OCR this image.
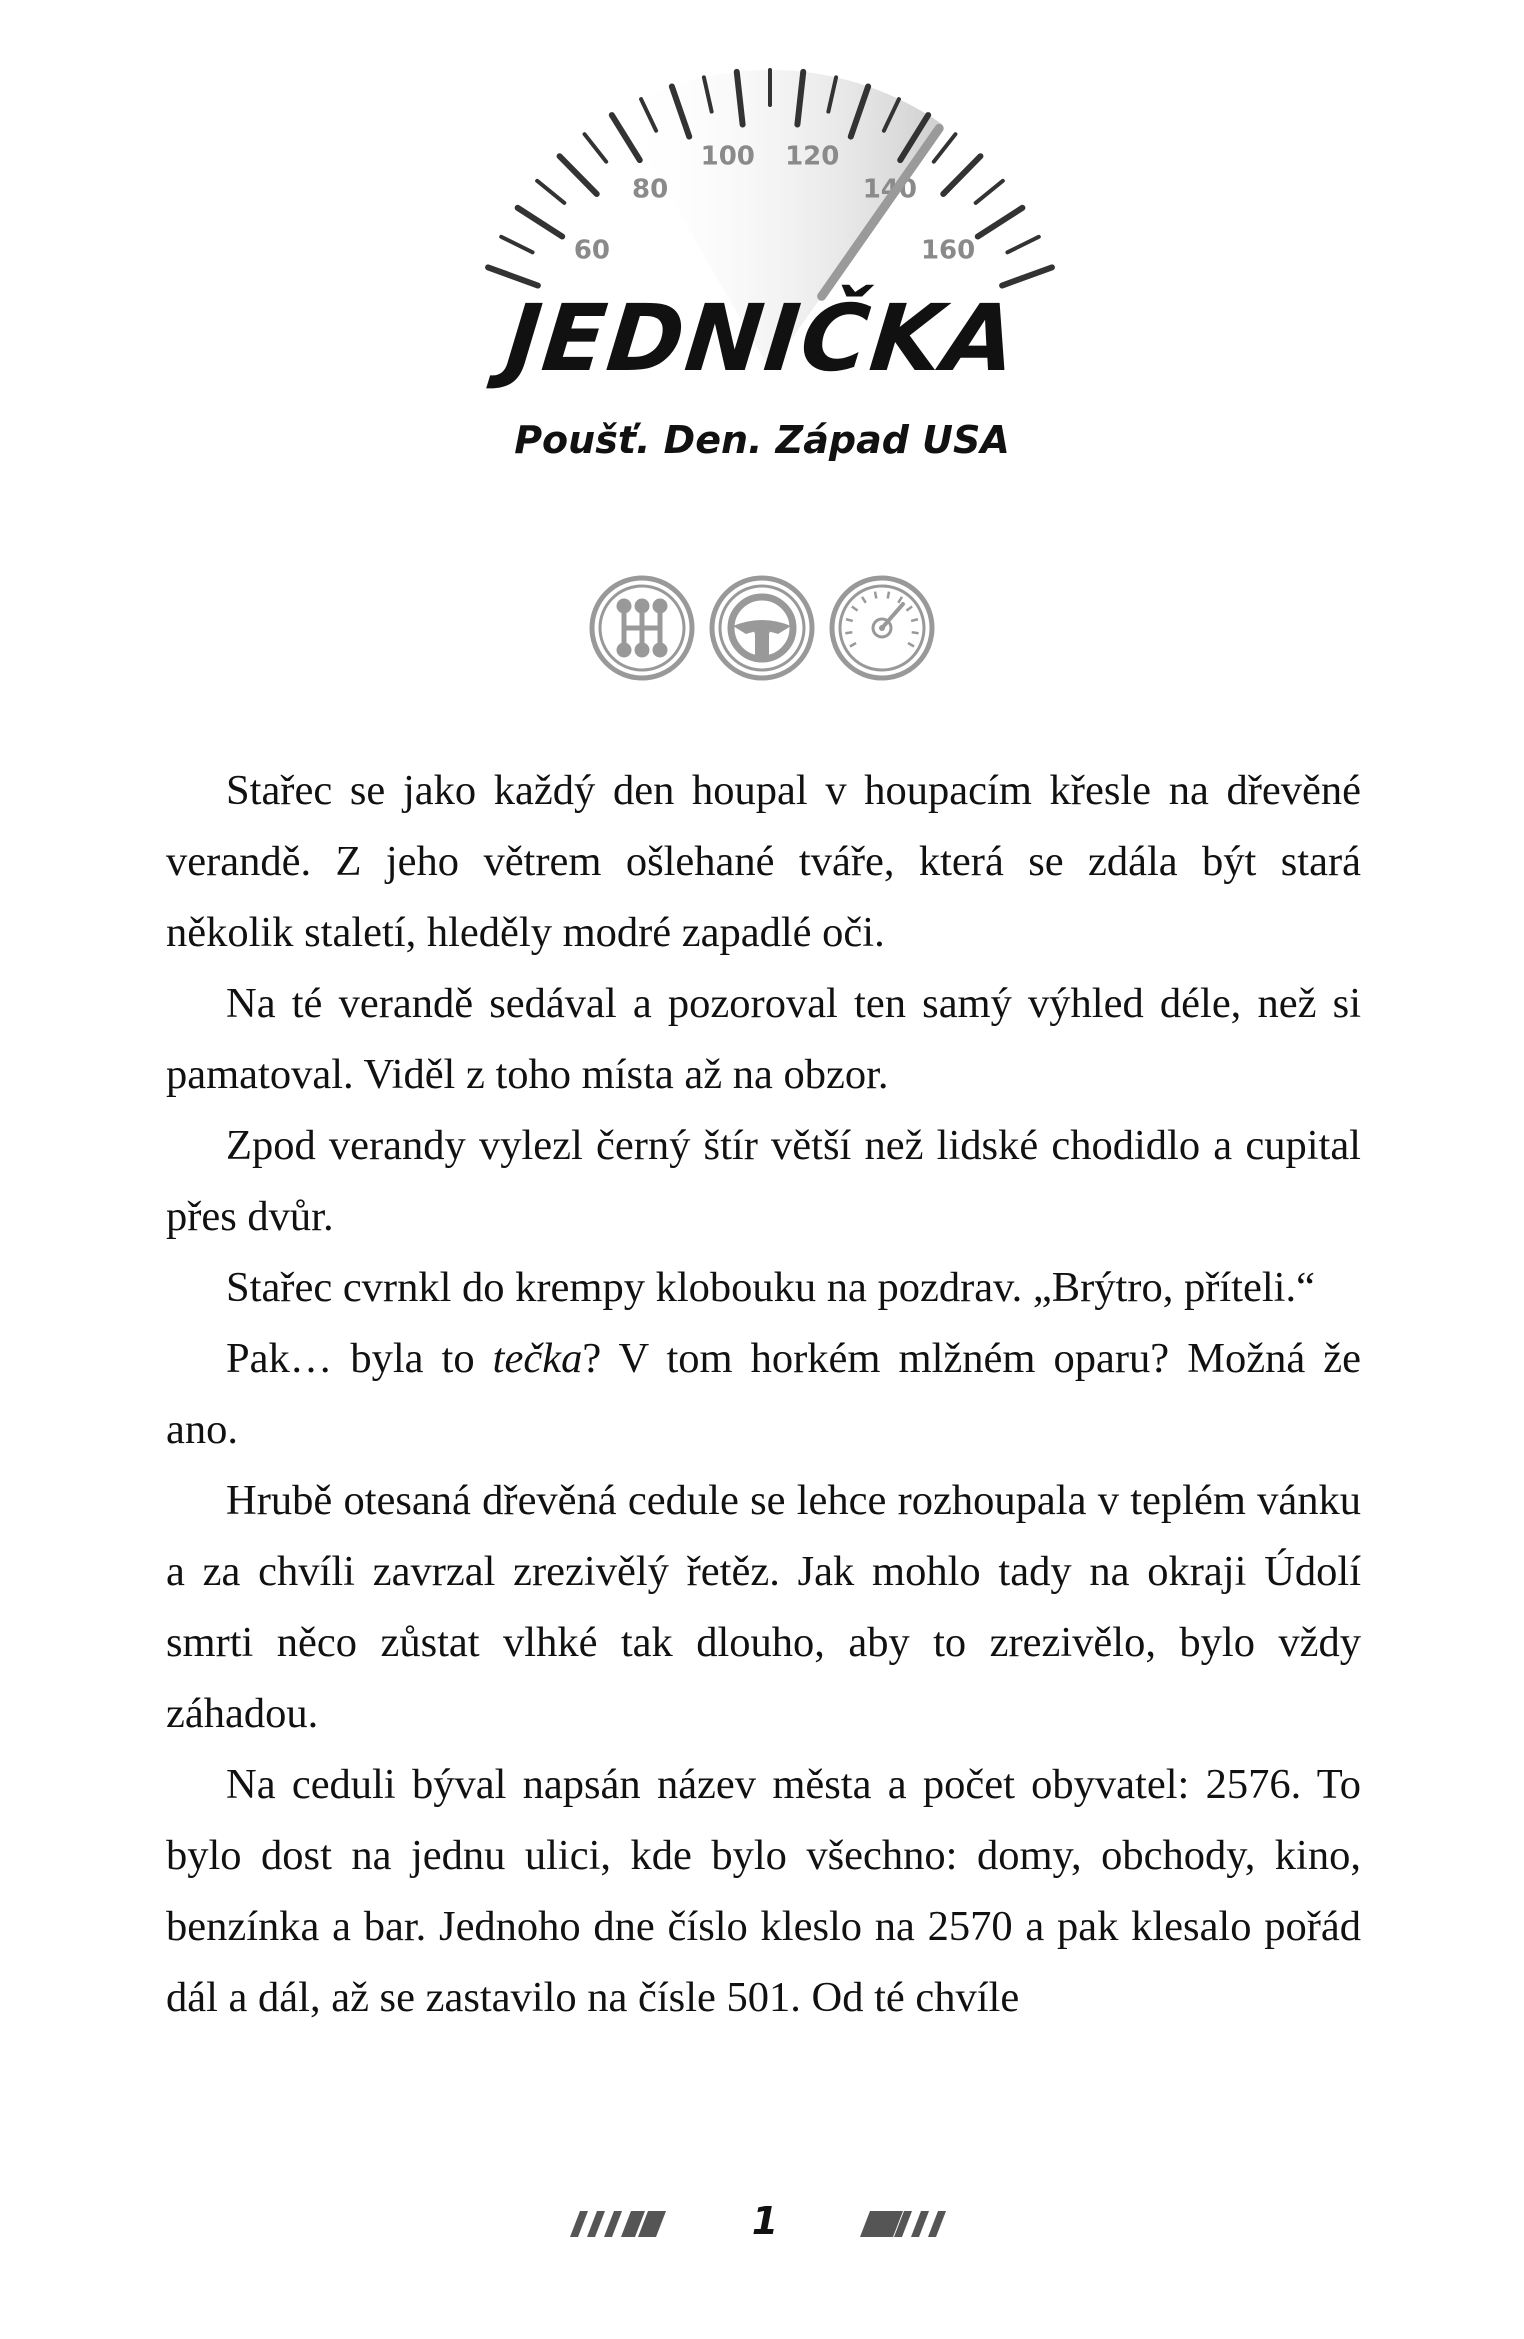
60
80
100 120
140
160
JEDNIČKA
Poušť. Den. Západ USA

Stařec se jako každý den houpal v houpacím křesle na dřevěné verandě. Z jeho větrem ošlehané tváře, která se zdála být stará několik staletí, hleděly modré zapadlé oči.

Na té verandě sedával a pozoroval ten samý výhled déle, než si pamatoval. Viděl z toho místa až na obzor.

Zpod verandy vylezl černý štír větší než lidské chodidlo a cupital přes dvůr.

Stařec cvrnkl do krempy klobouku na pozdrav. „Brýtro, příteli.“

Pak… byla to tečka? V tom horkém mlžném oparu? Možná že ano.

Hrubě otesaná dřevěná cedule se lehce rozhoupala v teplém vánku a za chvíli zavrzal zrezivělý řetěz. Jak mohlo tady na okraji Údolí smrti něco zůstat vlhké tak dlouho, aby to zrezivělo, bylo vždy záhadou.

Na ceduli býval napsán název města a počet obyvatel: 2576. To bylo dost na jednu ulici, kde bylo všechno: domy, obchody, kino, benzínka a bar. Jednoho dne číslo kleslo na 2570 a pak klesalo pořád dál a dál, až se zastavilo na čísle 501. Od té chvíle

1
